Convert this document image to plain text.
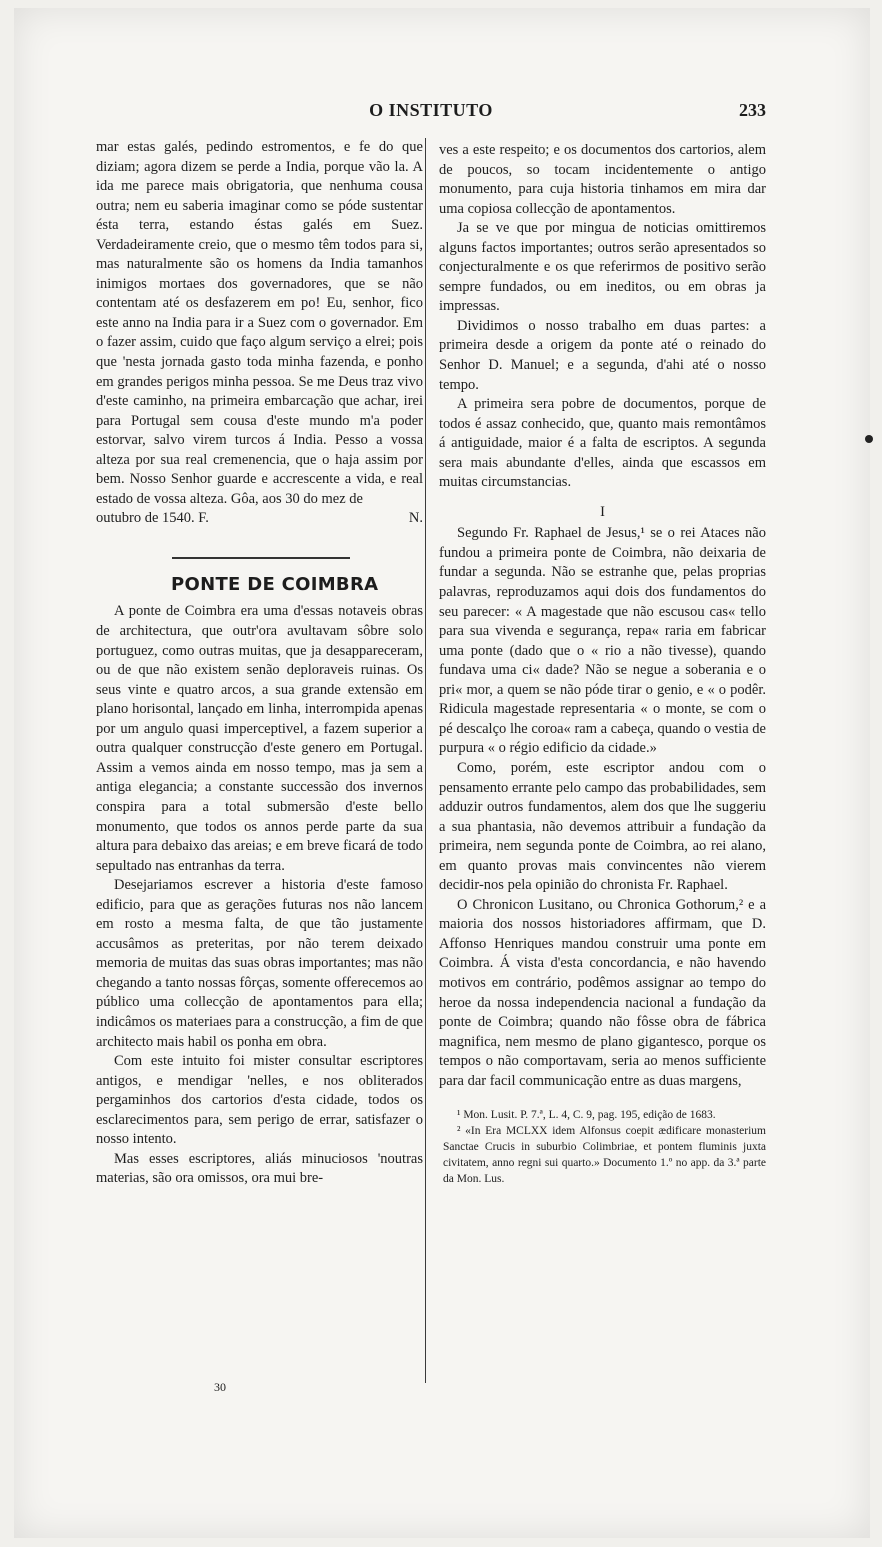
O INSTITUTO	233

mar estas galés, pedindo estromentos, e fe do que diziam; agora dizem se perde a India, porque vão la. A ida me parece mais obrigatoria, que nenhuma cousa outra; nem eu saberia imaginar como se póde sustentar ésta terra, estando éstas galés em Suez. Verdadeiramente creio, que o mesmo têm todos para si, mas naturalmente são os homens da India tamanhos inimigos mortaes dos governadores, que se não contentam até os desfazerem em po! Eu, senhor, fico este anno na India para ir a Suez com o governador. Em o fazer assim, cuido que faço algum serviço a elrei; pois que 'nesta jornada gasto toda minha fazenda, e ponho em grandes perigos minha pessoa. Se me Deus traz vivo d'este caminho, na primeira embarcação que achar, irei para Portugal sem cousa d'este mundo m'a poder estorvar, salvo virem turcos á India. Pesso a vossa alteza por sua real cremenencia, que o haja assim por bem. Nosso Senhor guarde e accrescente a vida, e real estado de vossa alteza. Gôa, aos 30 do mez de

outubro de 1540. F.	N.
PONTE DE COIMBRA

A ponte de Coimbra era uma d'essas notaveis obras de architectura, que outr'ora avultavam sôbre solo portuguez, como outras muitas, que ja desappareceram, ou de que não existem senão deploraveis ruinas. Os seus vinte e quatro arcos, a sua grande extensão em plano horisontal, lançado em linha, interrompida apenas por um angulo quasi imperceptivel, a fazem superior a outra qualquer construcção d'este genero em Portugal. Assim a vemos ainda em nosso tempo, mas ja sem a antiga elegancia; a constante successão dos invernos conspira para a total submersão d'este bello monumento, que todos os annos perde parte da sua altura para debaixo das areias; e em breve ficará de todo sepultado nas entranhas da terra.

Desejariamos escrever a historia d'este famoso edificio, para que as gerações futuras nos não lancem em rosto a mesma falta, de que tão justamente accusâmos as preteritas, por não terem deixado memoria de muitas das suas obras importantes; mas não chegando a tanto nossas fôrças, somente offerecemos ao público uma collecção de apontamentos para ella; indicâmos os materiaes para a construcção, a fim de que architecto mais habil os ponha em obra.

Com este intuito foi mister consultar escriptores antigos, e mendigar 'nelles, e nos obliterados pergaminhos dos cartorios d'esta cidade, todos os esclarecimentos para, sem perigo de errar, satisfazer o nosso intento.

Mas esses escriptores, aliás minuciosos 'noutras materias, são ora omissos, ora mui bre-

ves a este respeito; e os documentos dos cartorios, alem de poucos, so tocam incidentemente o antigo monumento, para cuja historia tinhamos em mira dar uma copiosa collecção de apontamentos.

Ja se ve que por mingua de noticias omittiremos alguns factos importantes; outros serão apresentados so conjecturalmente e os que referirmos de positivo serão sempre fundados, ou em ineditos, ou em obras ja impressas.

Dividimos o nosso trabalho em duas partes: a primeira desde a origem da ponte até o reinado do Senhor D. Manuel; e a segunda, d'ahi até o nosso tempo.

A primeira sera pobre de documentos, porque de todos é assaz conhecido, que, quanto mais remontâmos á antiguidade, maior é a falta de escriptos. A segunda sera mais abundante d'elles, ainda que escassos em muitas circumstancias.

I

Segundo Fr. Raphael de Jesus,¹ se o rei Ataces não fundou a primeira ponte de Coimbra, não deixaria de fundar a segunda. Não se estranhe que, pelas proprias palavras, reproduzamos aqui dois dos fundamentos do seu parecer: « A magestade que não escusou cas« tello para sua vivenda e segurança, repa« raria em fabricar uma ponte (dado que o « rio a não tivesse), quando fundava uma ci« dade? Não se negue a soberania e o pri« mor, a quem se não póde tirar o genio, e « o podêr. Ridicula magestade representaria « o monte, se com o pé descalço lhe coroa« ram a cabeça, quando o vestia de purpura « o régio edificio da cidade.»

Como, porém, este escriptor andou com o pensamento errante pelo campo das probabilidades, sem adduzir outros fundamentos, alem dos que lhe suggeriu a sua phantasia, não devemos attribuir a fundação da primeira, nem segunda ponte de Coimbra, ao rei alano, em quanto provas mais convincentes não vierem decidir-nos pela opinião do chronista Fr. Raphael.

O Chronicon Lusitano, ou Chronica Gothorum,² e a maioria dos nossos historiadores affirmam, que D. Affonso Henriques mandou construir uma ponte em Coimbra. Á vista d'esta concordancia, e não havendo motivos em contrário, podêmos assignar ao tempo do heroe da nossa independencia nacional a fundação da ponte de Coimbra; quando não fôsse obra de fábrica magnifica, nem mesmo de plano gigantesco, porque os tempos o não comportavam, seria ao menos sufficiente para dar facil communicação entre as duas margens,

¹ Mon. Lusit. P. 7.ª, L. 4, C. 9, pag. 195, edição de 1683.

² «In Era MCLXX idem Alfonsus coepit ædificare monasterium Sanctae Crucis in suburbio Colimbriae, et pontem fluminis juxta civitatem, anno regni sui quarto.» Documento 1.º no app. da 3.ª parte da Mon. Lus.

30
